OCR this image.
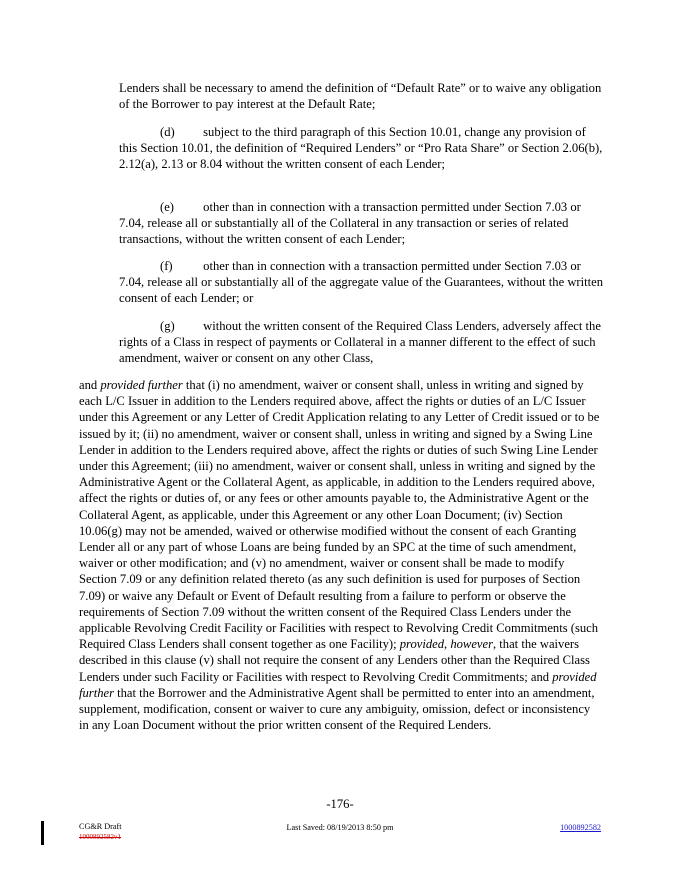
Lenders shall be necessary to amend the definition of “Default Rate” or to waive any obligation of the Borrower to pay interest at the Default Rate;

(d) subject to the third paragraph of this Section 10.01, change any provision of this Section 10.01, the definition of “Required Lenders” or “Pro Rata Share” or Section 2.06(b), 2.12(a), 2.13 or 8.04 without the written consent of each Lender;

(e) other than in connection with a transaction permitted under Section 7.03 or 7.04, release all or substantially all of the Collateral in any transaction or series of related transactions, without the written consent of each Lender;

(f) other than in connection with a transaction permitted under Section 7.03 or 7.04, release all or substantially all of the aggregate value of the Guarantees, without the written consent of each Lender; or

(g) without the written consent of the Required Class Lenders, adversely affect the rights of a Class in respect of payments or Collateral in a manner different to the effect of such amendment, waiver or consent on any other Class,

and provided further that (i) no amendment, waiver or consent shall, unless in writing and signed by each L/C Issuer in addition to the Lenders required above, affect the rights or duties of an L/C Issuer under this Agreement or any Letter of Credit Application relating to any Letter of Credit issued or to be issued by it; (ii) no amendment, waiver or consent shall, unless in writing and signed by a Swing Line Lender in addition to the Lenders required above, affect the rights or duties of such Swing Line Lender under this Agreement; (iii) no amendment, waiver or consent shall, unless in writing and signed by the Administrative Agent or the Collateral Agent, as applicable, in addition to the Lenders required above, affect the rights or duties of, or any fees or other amounts payable to, the Administrative Agent or the Collateral Agent, as applicable, under this Agreement or any other Loan Document; (iv) Section 10.06(g) may not be amended, waived or otherwise modified without the consent of each Granting Lender all or any part of whose Loans are being funded by an SPC at the time of such amendment, waiver or other modification; and (v) no amendment, waiver or consent shall be made to modify Section 7.09 or any definition related thereto (as any such definition is used for purposes of Section 7.09) or waive any Default or Event of Default resulting from a failure to perform or observe the requirements of Section 7.09 without the written consent of the Required Class Lenders under the applicable Revolving Credit Facility or Facilities with respect to Revolving Credit Commitments (such Required Class Lenders shall consent together as one Facility); provided, however, that the waivers described in this clause (v) shall not require the consent of any Lenders other than the Required Class Lenders under such Facility or Facilities with respect to Revolving Credit Commitments; and provided further that the Borrower and the Administrative Agent shall be permitted to enter into an amendment, supplement, modification, consent or waiver to cure any ambiguity, omission, defect or inconsistency in any Loan Document without the prior written consent of the Required Lenders.

-176-
CG&R Draft
1000892582v1
Last Saved: 08/19/2013 8:50 pm	1000892582
